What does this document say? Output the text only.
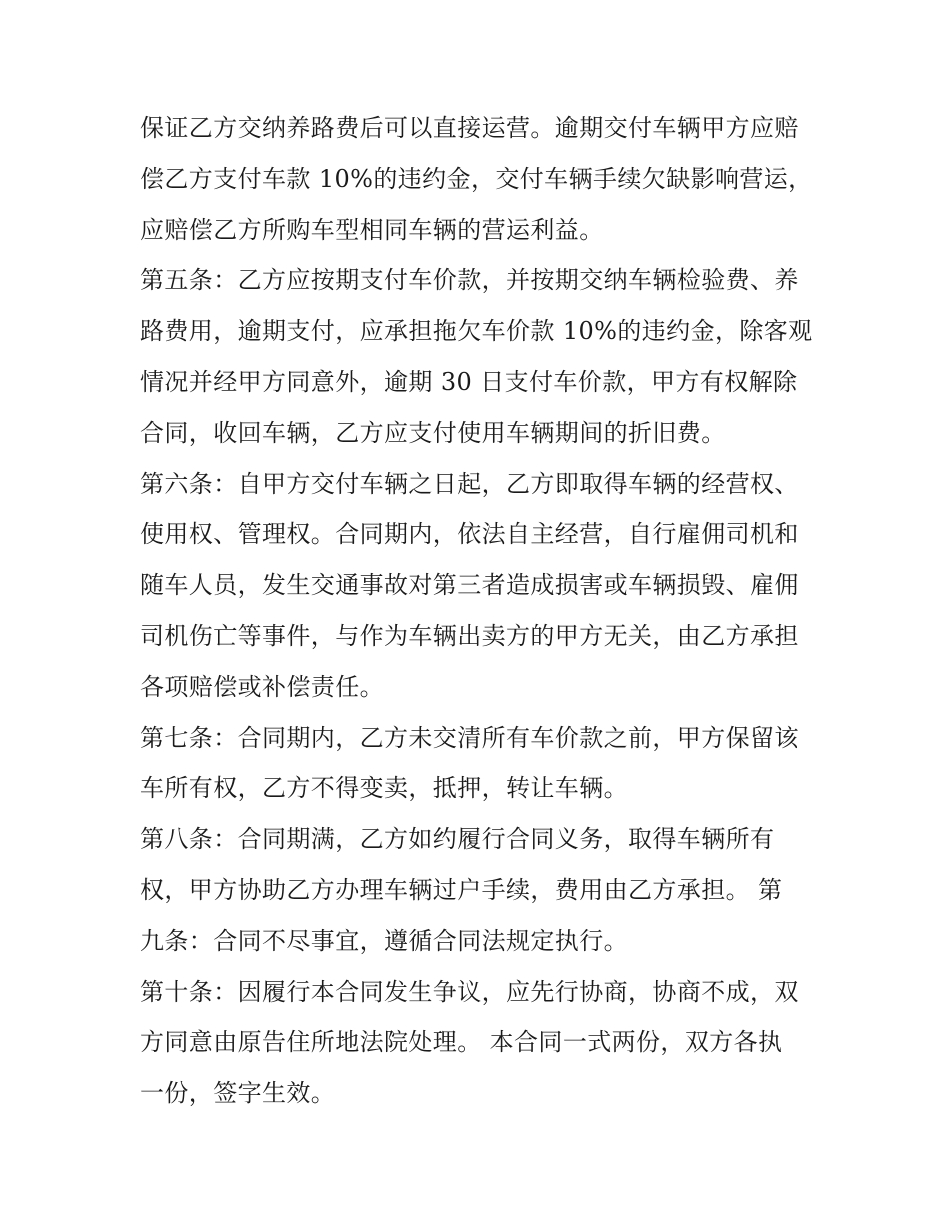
保证乙方交纳养路费后可以直接运营。逾期交付车辆甲方应赔
偿乙方支付车款 10%的违约金，交付车辆手续欠缺影响营运，
应赔偿乙方所购车型相同车辆的营运利益。
第五条：乙方应按期支付车价款，并按期交纳车辆检验费、养
路费用，逾期支付，应承担拖欠车价款 10%的违约金，除客观
情况并经甲方同意外，逾期 30 日支付车价款，甲方有权解除
合同，收回车辆，乙方应支付使用车辆期间的折旧费。
第六条：自甲方交付车辆之日起，乙方即取得车辆的经营权、
使用权、管理权。合同期内，依法自主经营，自行雇佣司机和
随车人员，发生交通事故对第三者造成损害或车辆损毁、雇佣
司机伤亡等事件，与作为车辆出卖方的甲方无关，由乙方承担
各项赔偿或补偿责任。
第七条：合同期内，乙方未交清所有车价款之前，甲方保留该
车所有权，乙方不得变卖，抵押，转让车辆。
第八条：合同期满，乙方如约履行合同义务，取得车辆所有
权，甲方协助乙方办理车辆过户手续，费用由乙方承担。 第
九条：合同不尽事宜，遵循合同法规定执行。
第十条：因履行本合同发生争议，应先行协商，协商不成，双
方同意由原告住所地法院处理。 本合同一式两份，双方各执
一份，签字生效。
